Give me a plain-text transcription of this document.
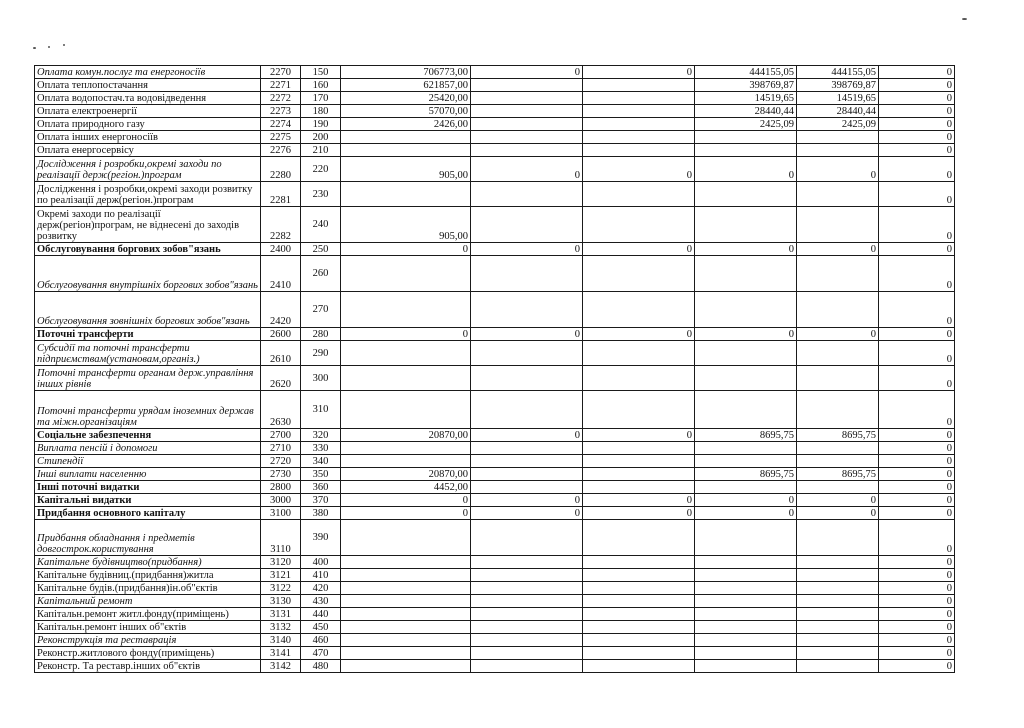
Оплата комун.послуг та енергоносіїв	2270	150	706773,00	0	0	444155,05	444155,05	0
Оплата теплопостачання	2271	160	621857,00			398769,87	398769,87	0
Оплата водопостач.та водовідведення	2272	170	25420,00			14519,65	14519,65	0
Оплата електроенергії	2273	180	57070,00			28440,44	28440,44	0
Оплата природного газу	2274	190	2426,00			2425,09	2425,09	0
Оплата інших енергоносіїв	2275	200						0
Оплата енергосервісу	2276	210						0
Дослідження і розробки,окремі заходи по реалізації держ(регіон.)програм	2280	220	905,00	0	0	0	0	0
Дослідження і розробки,окремі заходи розвитку по реалізації держ(регіон.)програм	2281	230						0
Окремі заходи по реалізації держ(регіон)програм, не віднесені до заходів розвитку	2282	240	905,00					0
Обслуговування боргових зобов"язань	2400	250	0	0	0	0	0	0
Обслуговування внутрішніх боргових зобов"язань	2410	260						0
Обслуговування зовнішніх боргових зобов"язань	2420	270						0
Поточні трансферти	2600	280	0	0	0	0	0	0
Субсидії та поточні трансферти підприємствам(установам,організ.)	2610	290						0
Поточні трансферти органам держ.управління інших рівнів	2620	300						0
Поточні трансферти урядам іноземних держав та міжн.організаціям	2630	310						0
Соціальне забезпечення	2700	320	20870,00	0	0	8695,75	8695,75	0
Виплата пенсій і допомоги	2710	330						0
Стипендії	2720	340						0
Інші виплати населенню	2730	350	20870,00			8695,75	8695,75	0
Інші поточні видатки	2800	360	4452,00					0
Капітальні видатки	3000	370	0	0	0	0	0	0
Придбання основного капіталу	3100	380	0	0	0	0	0	0
Придбання обладнання і предметів довгострок.користування	3110	390						0
Капітальне будівництво(придбання)	3120	400						0
Капітальне будівниц.(придбання)житла	3121	410						0
Капітальне будів.(придбання)ін.об"єктів	3122	420						0
Капітальний ремонт	3130	430						0
Капітальн.ремонт житл.фонду(приміщень)	3131	440						0
Капітальн.ремонт інших об"єктів	3132	450						0
Реконструкція та реставрація	3140	460						0
Реконстр.житлового фонду(приміщень)	3141	470						0
Реконстр. Та реставр.інших об"єктів	3142	480						0
